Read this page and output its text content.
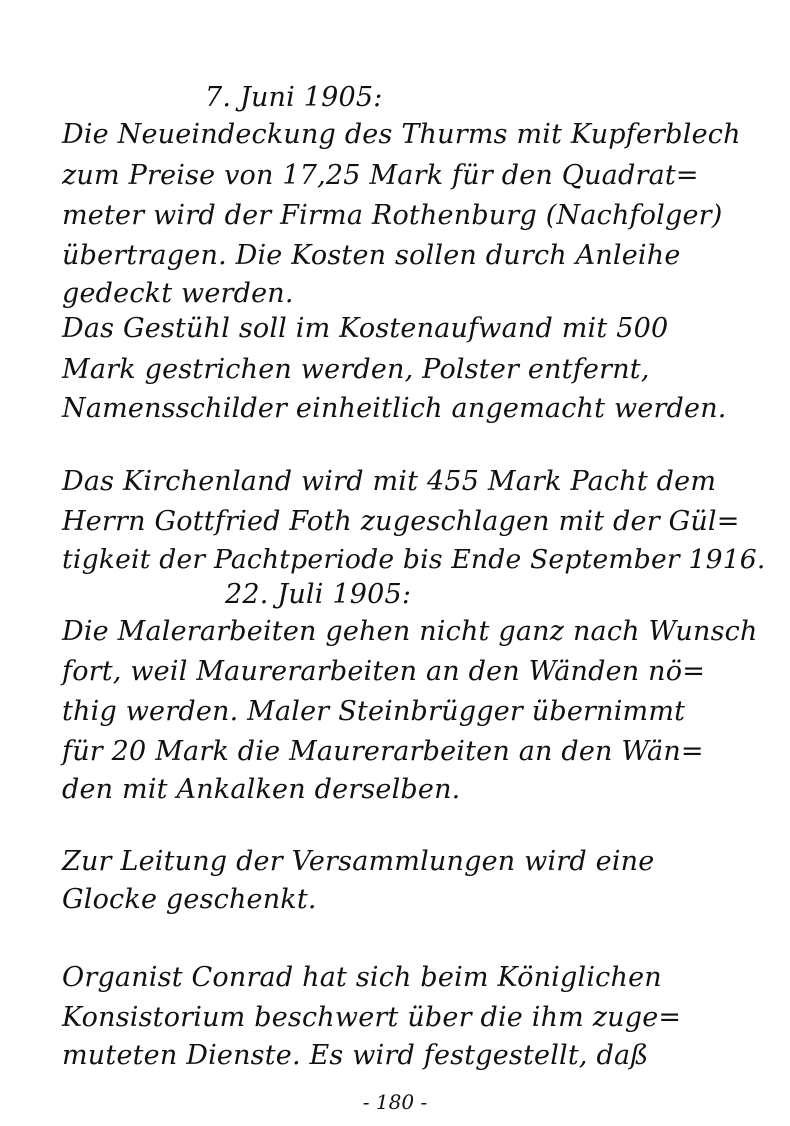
7. Juni 1905:
Die Neueindeckung des Thurms mit Kupferblech
zum Preise von 17,25 Mark für den Quadrat=
meter wird der Firma Rothenburg (Nachfolger)
übertragen. Die Kosten sollen durch Anleihe
gedeckt werden.
Das Gestühl soll im Kostenaufwand mit 500
Mark gestrichen werden, Polster entfernt,
Namensschilder einheitlich angemacht werden.
Das Kirchenland wird mit 455 Mark Pacht dem
Herrn Gottfried Foth zugeschlagen mit der Gül=
tigkeit der Pachtperiode bis Ende September 1916.
22. Juli 1905:
Die Malerarbeiten gehen nicht ganz nach Wunsch
fort, weil Maurerarbeiten an den Wänden nö=
thig werden. Maler Steinbrügger übernimmt
für 20 Mark die Maurerarbeiten an den Wän=
den mit Ankalken derselben.
Zur Leitung der Versammlungen wird eine
Glocke geschenkt.
Organist Conrad hat sich beim Königlichen
Konsistorium beschwert über die ihm zuge=
muteten Dienste. Es wird festgestellt, daß
- 180 -
